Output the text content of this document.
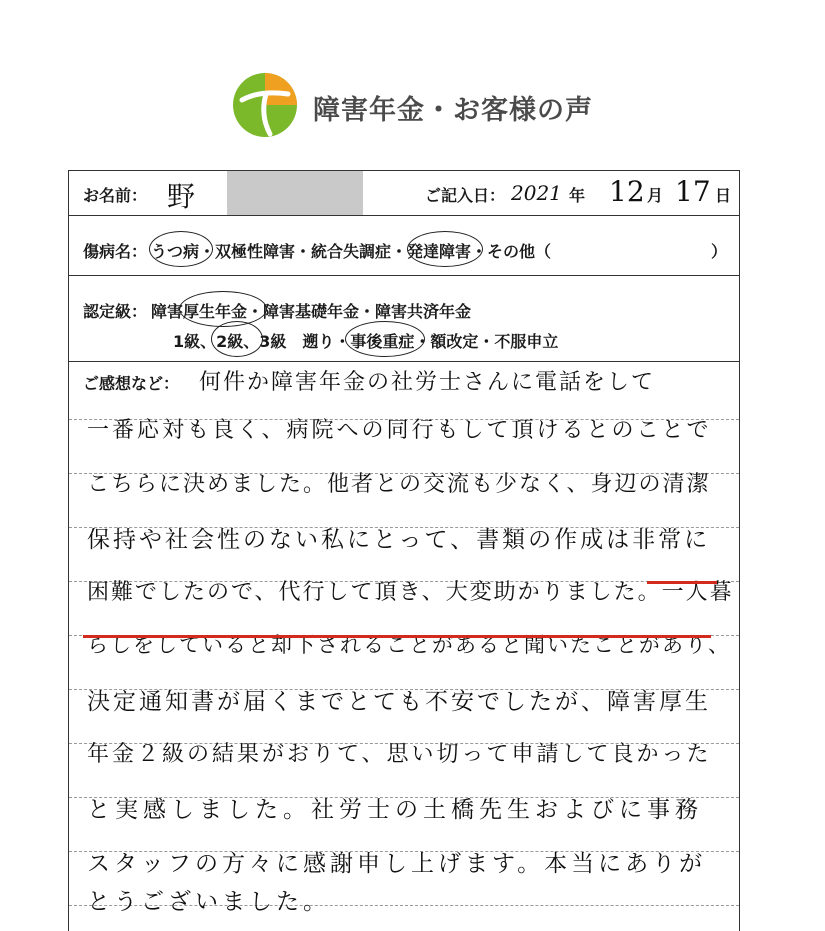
障害年金・お客様の声
お名前： 野	ご記入日： 2021 年 12 月 17 日
傷病名： うつ病・双極性障害・統合失調症・発達障害・その他（　　　　　　　　　　）
認定級： 障害厚生年金・障害基礎年金・障害共済年金
1級、2級、3級　遡り・事後重症・額改定・不服申立
ご感想など： 何件か障害年金の社労士さんに電話をして
一番応対も良く、病院への同行もして頂けるとのことで
こちらに決めました。他者との交流も少なく、身辺の清潔
保持や社会性のない私にとって、書類の作成は非常に
困難でしたので、代行して頂き、大変助かりました。一人暮
らしをしていると却下されることがあると聞いたことがあり、
決定通知書が届くまでとても不安でしたが、障害厚生
年金２級の結果がおりて、思い切って申請して良かった
と実感しました。社労士の土橋先生およびに事務
スタッフの方々に感謝申し上げます。本当にありが
とうございました。
